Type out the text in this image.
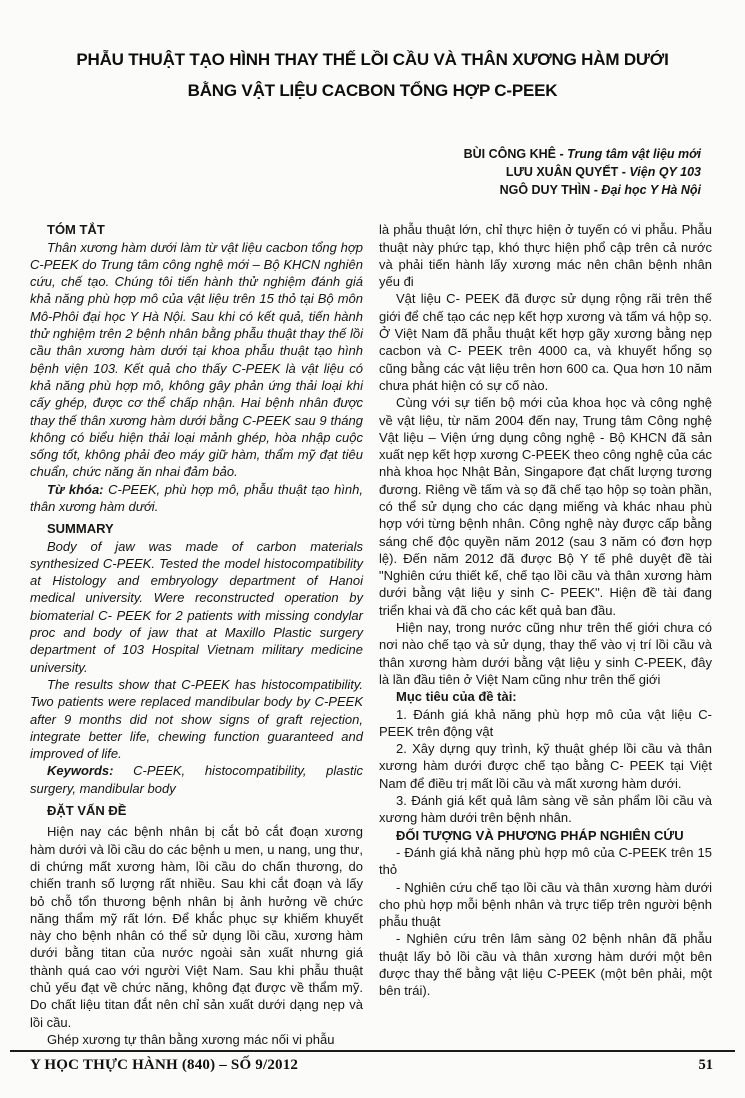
PHẪU THUẬT TẠO HÌNH THAY THẾ LỒI CẦU VÀ THÂN XƯƠNG HÀM DƯỚI
BẰNG VẬT LIỆU CACBON TỔNG HỢP C-PEEK
BÙI CÔNG KHÊ - Trung tâm vật liệu mới
LƯU XUÂN QUYẾT - Viện QY 103
NGÔ DUY THÌN - Đại học Y Hà Nội
TÓM TẮT

Thân xương hàm dưới làm từ vật liệu cacbon tổng hợp C-PEEK do Trung tâm công nghệ mới – Bộ KHCN nghiên cứu, chế tạo. Chúng tôi tiến hành thử nghiệm đánh giá khả năng phù hợp mô của vật liệu trên 15 thỏ tại Bộ môn Mô-Phôi đại học Y Hà Nội. Sau khi có kết quả, tiến hành thử nghiệm trên 2 bệnh nhân bằng phẫu thuật thay thế lồi cầu thân xương hàm dưới tại khoa phẫu thuật tạo hình bệnh viện 103. Kết quả cho thấy C-PEEK là vật liệu có khả năng phù hợp mô, không gây phản ứng thải loại khi cấy ghép, được cơ thể chấp nhận. Hai bệnh nhân được thay thế thân xương hàm dưới bằng C-PEEK sau 9 tháng không có biểu hiện thải loại mảnh ghép, hòa nhập cuộc sống tốt, không phải đeo máy giữ hàm, thẩm mỹ đạt tiêu chuẩn, chức năng ăn nhai đảm bảo.

Từ khóa: C-PEEK, phù hợp mô, phẫu thuật tạo hình, thân xương hàm dưới.

SUMMARY

Body of jaw was made of carbon materials synthesized C-PEEK. Tested the model histocompatibility at Histology and embryology department of Hanoi medical university. Were reconstructed operation by biomaterial C- PEEK for 2 patients with missing condylar proc and body of jaw that at Maxillo Plastic surgery department of 103 Hospital Vietnam military medicine university.

The results show that C-PEEK has histocompatibility. Two patients were replaced mandibular body by C-PEEK after 9 months did not show signs of graft rejection, integrate better life, chewing function guaranteed and improved of life.

Keywords: C-PEEK, histocompatibility, plastic surgery, mandibular body

ĐẶT VẤN ĐỀ

Hiện nay các bệnh nhân bị cắt bỏ cắt đoạn xương hàm dưới và lồi cầu do các bệnh u men, u nang, ung thư, di chứng mất xương hàm, lồi cầu do chấn thương, do chiến tranh số lượng rất nhiều. Sau khi cắt đoạn và lấy bỏ chỗ tổn thương bệnh nhân bị ảnh hưởng về chức năng thẩm mỹ rất lớn. Để khắc phục sự khiếm khuyết này cho bệnh nhân có thể sử dụng lồi cầu, xương hàm dưới bằng titan của nước ngoài sản xuất nhưng giá thành quá cao với người Việt Nam. Sau khi phẫu thuật chủ yếu đạt về chức năng, không đạt được về thẩm mỹ. Do chất liệu titan đắt nên chỉ sản xuất dưới dạng nẹp và lồi cầu.

Ghép xương tự thân bằng xương mác nối vi phẫu

là phẫu thuật lớn, chỉ thực hiện ở tuyến có vi phẫu. Phẫu thuật này phức tạp, khó thực hiện phổ cập trên cả nước và phải tiến hành lấy xương mác nên chân bệnh nhân yếu đi

Vật liệu C- PEEK đã được sử dụng rộng rãi trên thế giới để chế tạo các nẹp kết hợp xương và tấm vá hộp sọ. Ở Việt Nam đã phẫu thuật kết hợp gãy xương bằng nẹp cacbon và C- PEEK trên 4000 ca, và khuyết hổng sọ cũng bằng các vật liệu trên hơn 600 ca. Qua hơn 10 năm chưa phát hiện có sự cố nào.

Cùng với sự tiến bộ mới của khoa học và công nghệ về vật liệu, từ năm 2004 đến nay, Trung tâm Công nghệ Vật liệu – Viện ứng dụng công nghệ - Bộ KHCN đã sản xuất nẹp kết hợp xương C-PEEK theo công nghệ của các nhà khoa học Nhật Bản, Singapore đạt chất lượng tương đương. Riêng về tấm và sọ đã chế tạo hộp sọ toàn phần, có thể sử dụng cho các dạng miếng và khác nhau phù hợp với từng bệnh nhân. Công nghệ này được cấp bằng sáng chế độc quyền năm 2012 (sau 3 năm có đơn hợp lệ). Đến năm 2012 đã được Bộ Y tế phê duyệt đề tài "Nghiên cứu thiết kế, chế tạo lồi cầu và thân xương hàm dưới bằng vật liệu y sinh C- PEEK". Hiện đề tài đang triển khai và đã cho các kết quả ban đầu.

Hiện nay, trong nước cũng như trên thế giới chưa có nơi nào chế tạo và sử dụng, thay thế vào vị trí lồi cầu và thân xương hàm dưới bằng vật liệu y sinh C-PEEK, đây là lần đầu tiên ở Việt Nam cũng như trên thế giới

Mục tiêu của đề tài:

1. Đánh giá khả năng phù hợp mô của vật liệu C-PEEK trên động vật

2. Xây dựng quy trình, kỹ thuật ghép lồi cầu và thân xương hàm dưới được chế tạo bằng C- PEEK tại Việt Nam để điều trị mất lồi cầu và mất xương hàm dưới.

3. Đánh giá kết quả lâm sàng về sản phẩm lồi cầu và xương hàm dưới trên bệnh nhân.

ĐỐI TƯỢNG VÀ PHƯƠNG PHÁP NGHIÊN CỨU

- Đánh giá khả năng phù hợp mô của C-PEEK trên 15 thỏ

- Nghiên cứu chế tạo lồi cầu và thân xương hàm dưới cho phù hợp mỗi bệnh nhân và trực tiếp trên người bệnh phẫu thuật

- Nghiên cứu trên lâm sàng 02 bệnh nhân đã phẫu thuật lấy bỏ lồi cầu và thân xương hàm dưới một bên được thay thế bằng vật liệu C-PEEK (một bên phải, một bên trái).

Y HỌC THỰC HÀNH (840) – SỐ 9/2012	51
